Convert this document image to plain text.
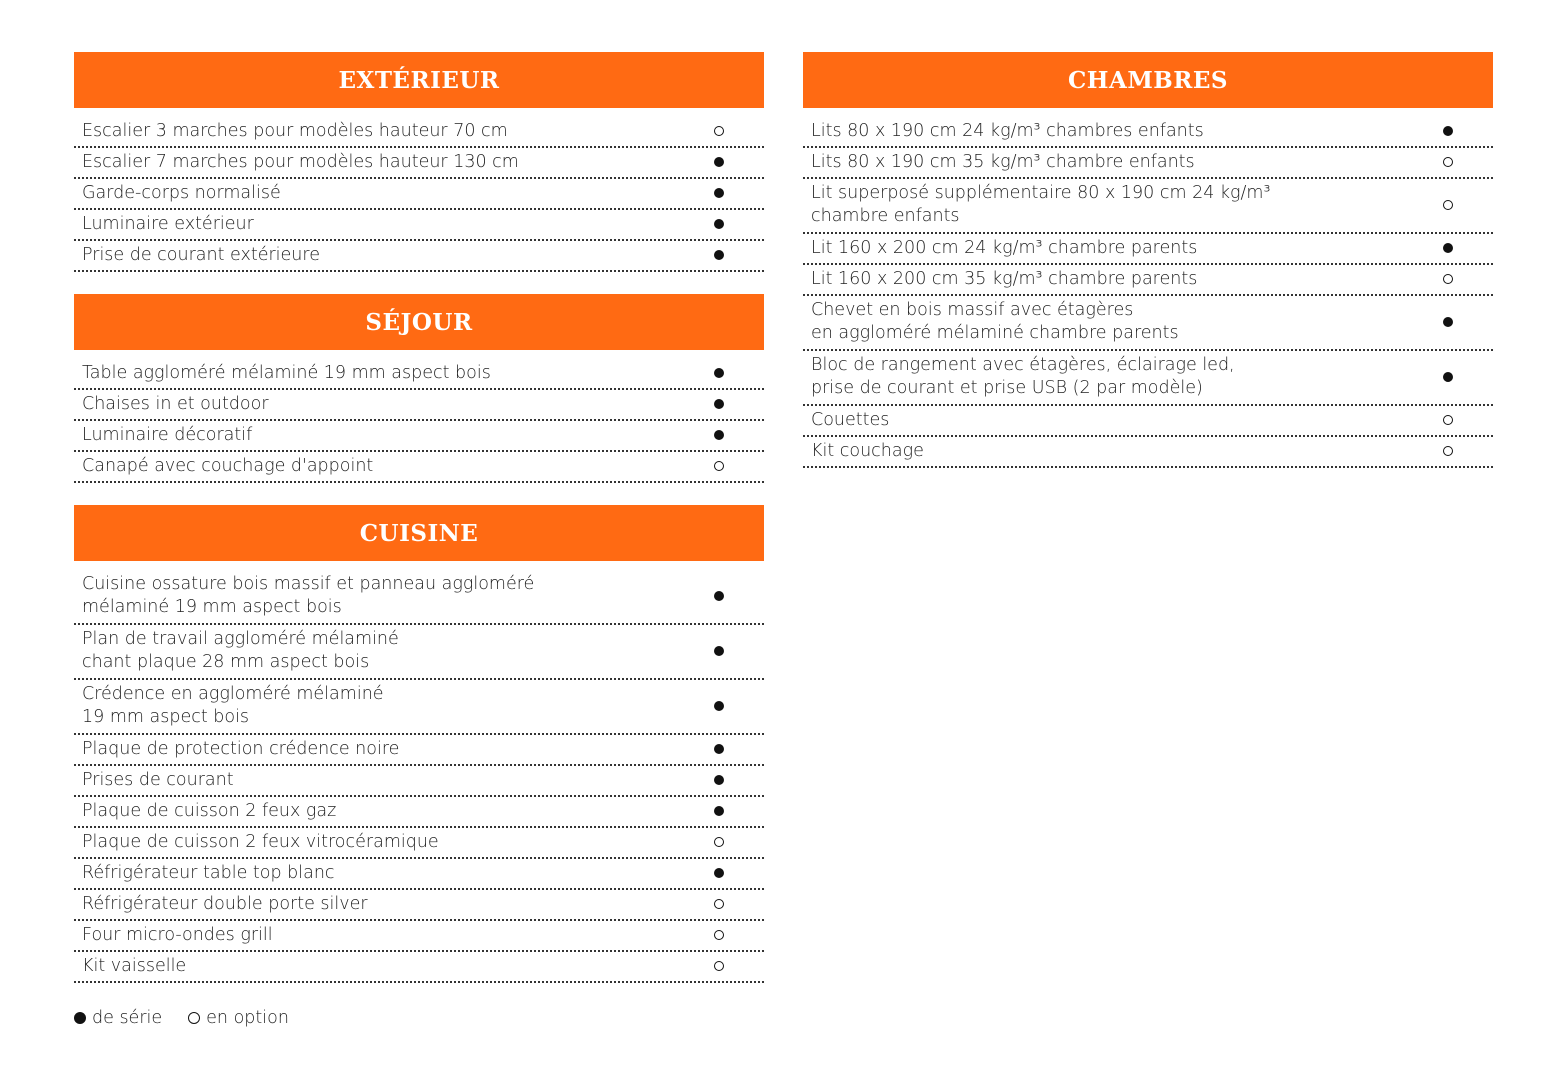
EXTÉRIEUR
Escalier 3 marches pour modèles hauteur 70 cm
Escalier 7 marches pour modèles hauteur 130 cm
Garde-corps normalisé
Luminaire extérieur
Prise de courant extérieure
SÉJOUR
Table aggloméré mélaminé 19 mm aspect bois
Chaises in et outdoor
Luminaire décoratif
Canapé avec couchage d'appoint
CUISINE
Cuisine ossature bois massif et panneau aggloméré
mélaminé 19 mm aspect bois
Plan de travail aggloméré mélaminé
chant plaque 28 mm aspect bois
Crédence en aggloméré mélaminé
19 mm aspect bois
Plaque de protection crédence noire
Prises de courant
Plaque de cuisson 2 feux gaz
Plaque de cuisson 2 feux vitrocéramique
Réfrigérateur table top blanc
Réfrigérateur double porte silver
Four micro-ondes grill
Kit vaisselle
CHAMBRES
Lits 80 x 190 cm 24 kg/m³ chambres enfants
Lits 80 x 190 cm 35 kg/m³ chambre enfants
Lit superposé supplémentaire 80 x 190 cm 24 kg/m³
chambre enfants
Lit 160 x 200 cm 24 kg/m³ chambre parents
Lit 160 x 200 cm 35 kg/m³ chambre parents
Chevet en bois massif avec étagères
en aggloméré mélaminé chambre parents
Bloc de rangement avec étagères, éclairage led,
prise de courant et prise USB (2 par modèle)
Couettes
Kit couchage
de série	en option
